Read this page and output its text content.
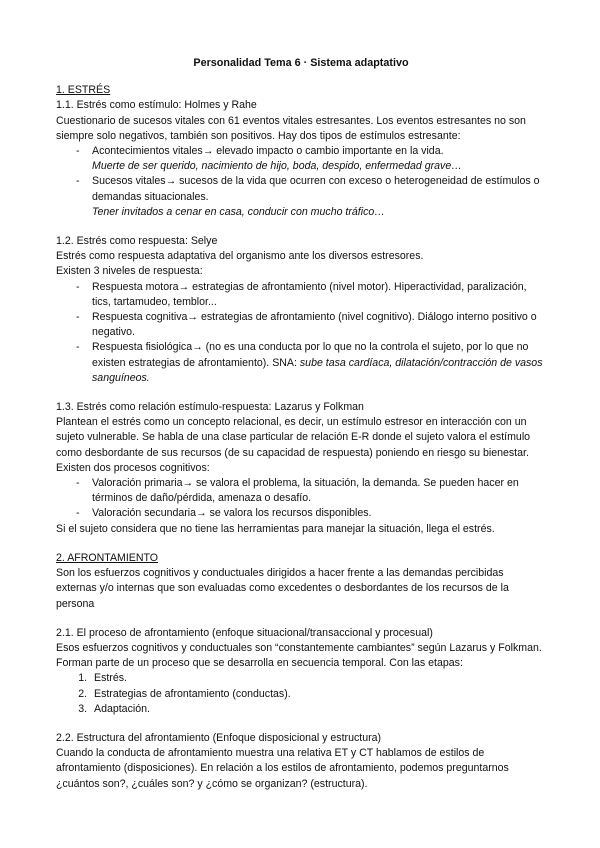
Personalidad Tema 6 · Sistema adaptativo

1. ESTRÉS

1.1. Estrés como estímulo: Holmes y Rahe

Cuestionario de sucesos vitales con 61 eventos vitales estresantes. Los eventos estresantes no son siempre solo negativos, también son positivos. Hay dos tipos de estímulos estresante:

- Acontecimientos vitales→ elevado impacto o cambio importante en la vida.
Muerte de ser querido, nacimiento de hijo, boda, despido, enfermedad grave…
- Sucesos vitales→ sucesos de la vida que ocurren con exceso o heterogeneidad de estímulos o demandas situacionales.
Tener invitados a cenar en casa, conducir con mucho tráfico…

1.2. Estrés como respuesta: Selye

Estrés como respuesta adaptativa del organismo ante los diversos estresores.

Existen 3 niveles de respuesta:

- Respuesta motora→ estrategias de afrontamiento (nivel motor). Hiperactividad, paralización, tics, tartamudeo, temblor...
- Respuesta cognitiva→ estrategias de afrontamiento (nivel cognitivo). Diálogo interno positivo o negativo.
- Respuesta fisiológica→ (no es una conducta por lo que no la controla el sujeto, por lo que no existen estrategias de afrontamiento). SNA: sube tasa cardíaca, dilatación/contracción de vasos sanguíneos.

1.3. Estrés como relación estímulo-respuesta: Lazarus y Folkman

Plantean el estrés como un concepto relacional, es decir, un estímulo estresor en interacción con un sujeto vulnerable. Se habla de una clase particular de relación E-R donde el sujeto valora el estímulo como desbordante de sus recursos (de su capacidad de respuesta) poniendo en riesgo su bienestar. Existen dos procesos cognitivos:

- Valoración primaria→ se valora el problema, la situación, la demanda. Se pueden hacer en términos de daño/pérdida, amenaza o desafío.
- Valoración secundaria→ se valora los recursos disponibles.

Si el sujeto considera que no tiene las herramientas para manejar la situación, llega el estrés.

2. AFRONTAMIENTO

Son los esfuerzos cognitivos y conductuales dirigidos a hacer frente a las demandas percibidas externas y/o internas que son evaluadas como excedentes o desbordantes de los recursos de la persona

2.1. El proceso de afrontamiento (enfoque situacional/transaccional y procesual)

Esos esfuerzos cognitivos y conductuales son “constantemente cambiantes” según Lazarus y Folkman. Forman parte de un proceso que se desarrolla en secuencia temporal. Con las etapas:

1. Estrés.
2. Estrategias de afrontamiento (conductas).
3. Adaptación.

2.2. Estructura del afrontamiento (Enfoque disposicional y estructura)

Cuando la conducta de afrontamiento muestra una relativa ET y CT hablamos de estilos de afrontamiento (disposiciones). En relación a los estilos de afrontamiento, podemos preguntarnos ¿cuántos son?, ¿cuáles son? y ¿cómo se organizan? (estructura).
